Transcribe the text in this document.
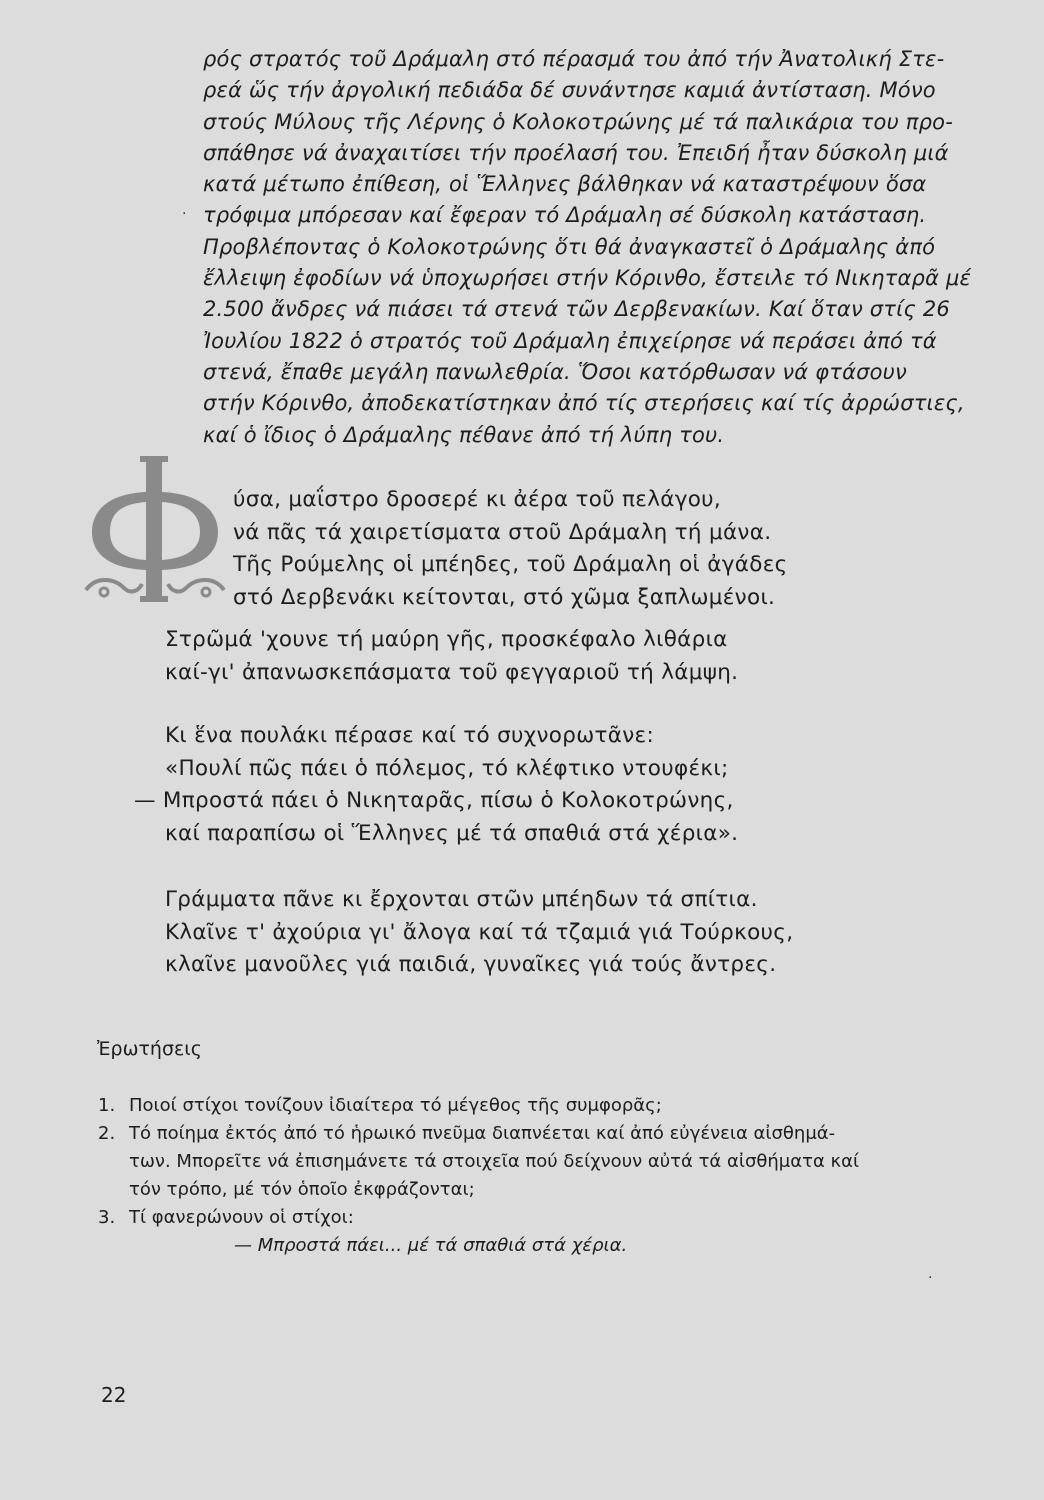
ρός στρατός τοῦ Δράμαλη στό πέρασμά του ἀπό τήν Ἀνατολική Στε-
ρεά ὥς τήν ἀργολική πεδιάδα δέ συνάντησε καμιά ἀντίσταση. Μόνο
στούς Μύλους τῆς Λέρνης ὁ Κολοκοτρώνης μέ τά παλικάρια του προ-
σπάθησε νά ἀναχαιτίσει τήν προέλασή του. Ἐπειδή ἦταν δύσκολη μιά
κατά μέτωπο ἐπίθεση, οἱ Ἕλληνες βάλθηκαν νά καταστρέψουν ὅσα
τρόφιμα μπόρεσαν καί ἔφεραν τό Δράμαλη σέ δύσκολη κατάσταση.
Προβλέποντας ὁ Κολοκοτρώνης ὅτι θά ἀναγκαστεῖ ὁ Δράμαλης ἀπό
ἔλλειψη ἐφοδίων νά ὑποχωρήσει στήν Κόρινθο, ἔστειλε τό Νικηταρᾶ μέ
2.500 ἄνδρες νά πιάσει τά στενά τῶν Δερβενακίων. Καί ὅταν στίς 26
Ἰουλίου 1822 ὁ στρατός τοῦ Δράμαλη ἐπιχείρησε νά περάσει ἀπό τά
στενά, ἔπαθε μεγάλη πανωλεθρία. Ὅσοι κατόρθωσαν νά φτάσουν
στήν Κόρινθο, ἀποδεκατίστηκαν ἀπό τίς στερήσεις καί τίς ἀρρώστιες,
καί ὁ ἴδιος ὁ Δράμαλης πέθανε ἀπό τή λύπη του.
ύσα, μαΐστρο δροσερέ κι ἀέρα τοῦ πελάγου,
νά πᾶς τά χαιρετίσματα στοῦ Δράμαλη τή μάνα.
Τῆς Ρούμελης οἱ μπέηδες, τοῦ Δράμαλη οἱ ἀγάδες
στό Δερβενάκι κείτονται, στό χῶμα ξαπλωμένοι.
Στρῶμά 'χουνε τή μαύρη γῆς, προσκέφαλο λιθάρια
καί-γι' ἀπανωσκεπάσματα τοῦ φεγγαριοῦ τή λάμψη.
Κι ἕνα πουλάκι πέρασε καί τό συχνορωτᾶνε:
«Πουλί πῶς πάει ὁ πόλεμος, τό κλέφτικο ντουφέκι;
— Μπροστά πάει ὁ Νικηταρᾶς, πίσω ὁ Κολοκοτρώνης,
καί παραπίσω οἱ Ἕλληνες μέ τά σπαθιά στά χέρια».
Γράμματα πᾶνε κι ἔρχονται στῶν μπέηδων τά σπίτια.
Κλαῖνε τ' ἀχούρια γι' ἄλογα καί τά τζαμιά γιά Τούρκους,
κλαῖνε μανοῦλες γιά παιδιά, γυναῖκες γιά τούς ἄντρες.
Ἐρωτήσεις
1. Ποιοί στίχοι τονίζουν ἰδιαίτερα τό μέγεθος τῆς συμφορᾶς;
2. Τό ποίημα ἐκτός ἀπό τό ἡρωικό πνεῦμα διαπνέεται καί ἀπό εὐγένεια αἰσθημά-
των. Μπορεῖτε νά ἐπισημάνετε τά στοιχεῖα πού δείχνουν αὐτά τά αἰσθήματα καί
τόν τρόπο, μέ τόν ὁποῖο ἐκφράζονται;
3. Τί φανερώνουν οἱ στίχοι:
— Μπροστά πάει... μέ τά σπαθιά στά χέρια.
22
·
·
